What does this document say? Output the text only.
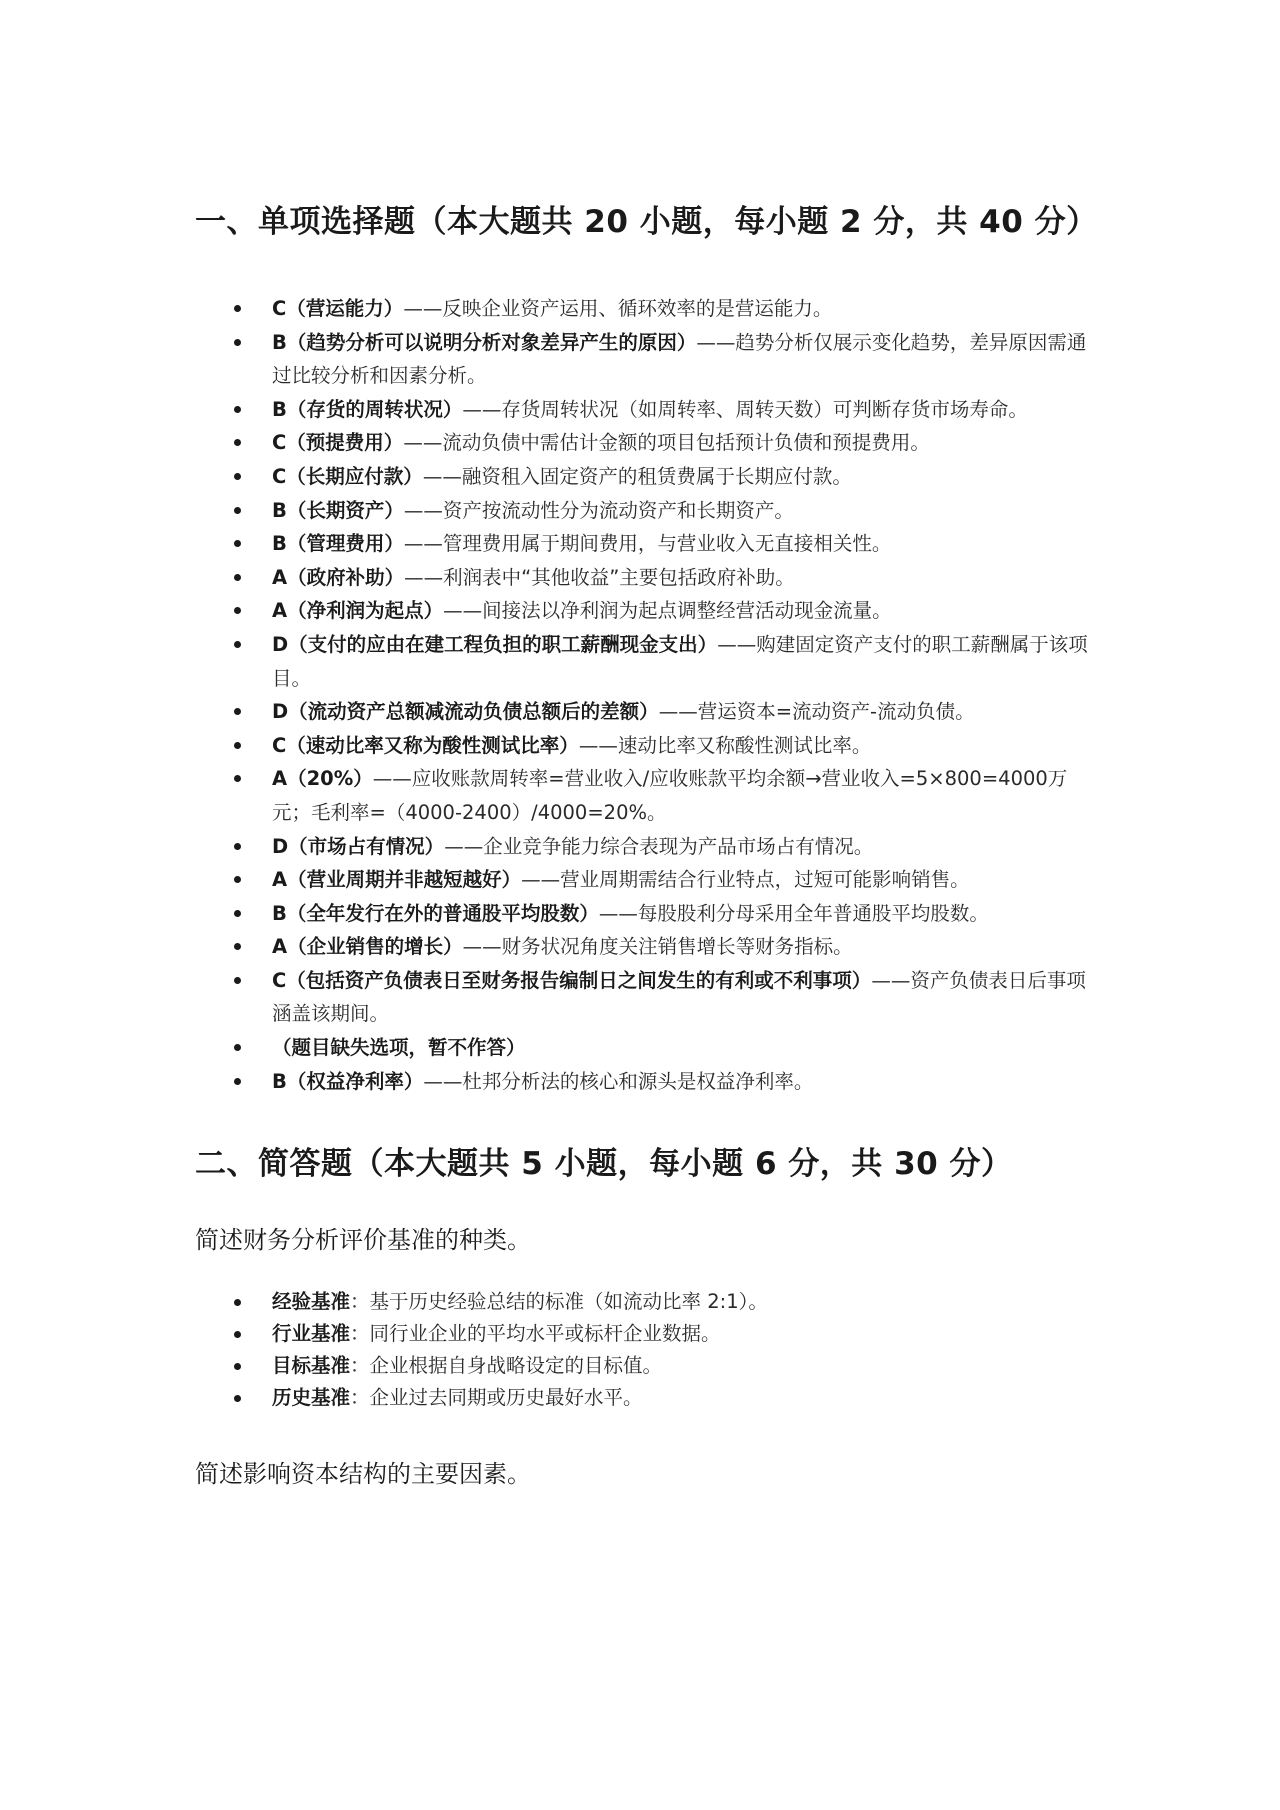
一、单项选择题（本大题共 20 小题，每小题 2 分，共 40 分）
C（营运能力）——反映企业资产运用、循环效率的是营运能力。
B（趋势分析可以说明分析对象差异产生的原因）——趋势分析仅展示变化趋势，差异原因需通过比较分析和因素分析。
B（存货的周转状况）——存货周转状况（如周转率、周转天数）可判断存货市场寿命。
C（预提费用）——流动负债中需估计金额的项目包括预计负债和预提费用。
C（长期应付款）——融资租入固定资产的租赁费属于长期应付款。
B（长期资产）——资产按流动性分为流动资产和长期资产。
B（管理费用）——管理费用属于期间费用，与营业收入无直接相关性。
A（政府补助）——利润表中“其他收益”主要包括政府补助。
A（净利润为起点）——间接法以净利润为起点调整经营活动现金流量。
D（支付的应由在建工程负担的职工薪酬现金支出）——购建固定资产支付的职工薪酬属于该项目。
D（流动资产总额减流动负债总额后的差额）——营运资本=流动资产-流动负债。
C（速动比率又称为酸性测试比率）——速动比率又称酸性测试比率。
A（20%）——应收账款周转率=营业收入/应收账款平均余额→营业收入=5×800=4000万元；毛利率=（4000-2400）/4000=20%。
D（市场占有情况）——企业竞争能力综合表现为产品市场占有情况。
A（营业周期并非越短越好）——营业周期需结合行业特点，过短可能影响销售。
B（全年发行在外的普通股平均股数）——每股股利分母采用全年普通股平均股数。
A（企业销售的增长）——财务状况角度关注销售增长等财务指标。
C（包括资产负债表日至财务报告编制日之间发生的有利或不利事项）——资产负债表日后事项涵盖该期间。
（题目缺失选项，暂不作答）
B（权益净利率）——杜邦分析法的核心和源头是权益净利率。
二、简答题（本大题共 5 小题，每小题 6 分，共 30 分）
简述财务分析评价基准的种类。
经验基准：基于历史经验总结的标准（如流动比率 2:1）。
行业基准：同行业企业的平均水平或标杆企业数据。
目标基准：企业根据自身战略设定的目标值。
历史基准：企业过去同期或历史最好水平。
简述影响资本结构的主要因素。
